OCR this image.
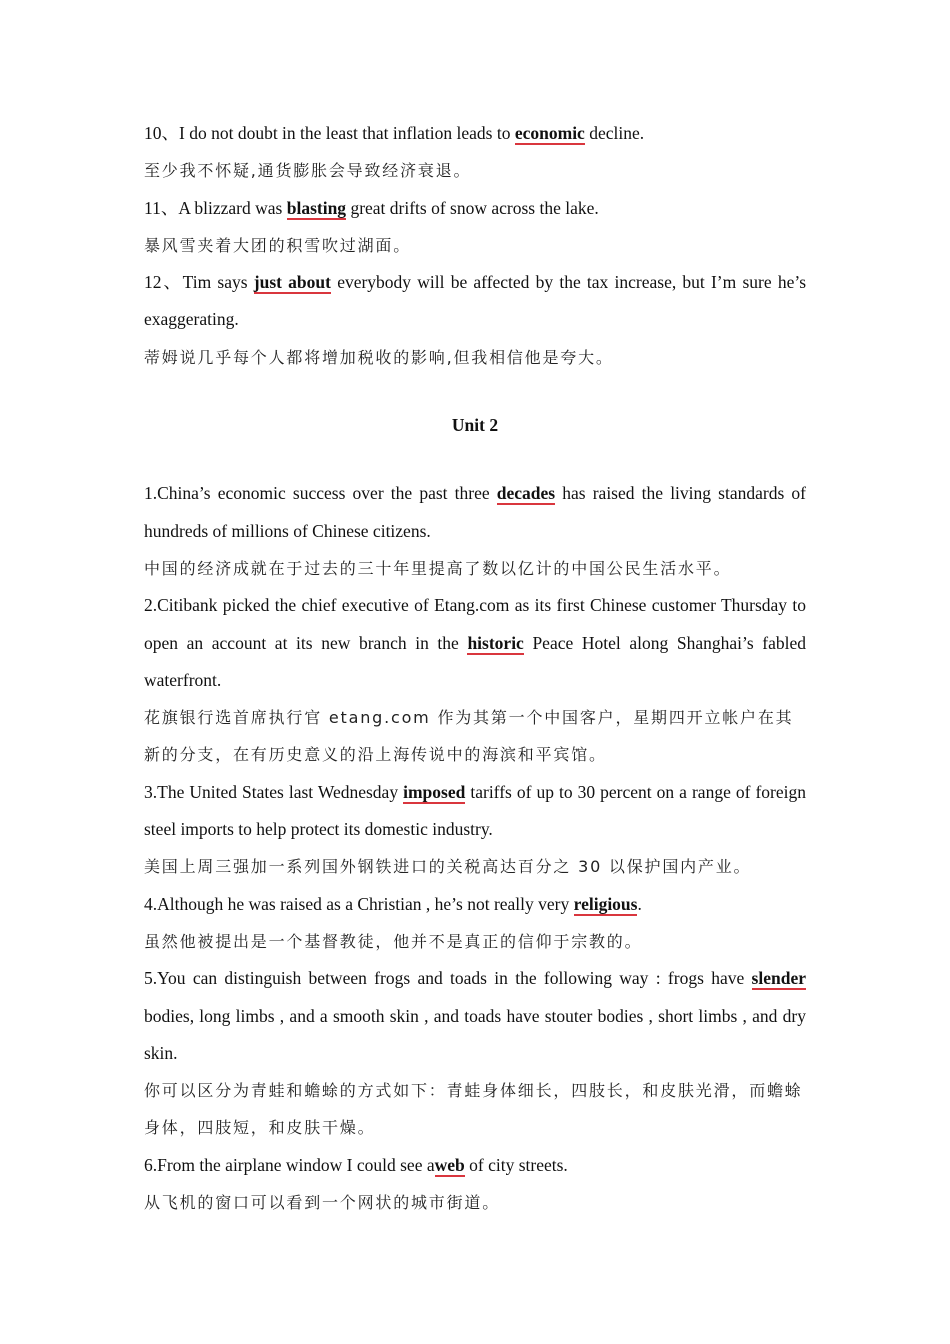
10、I do not doubt in the least that inflation leads to economic decline.

至少我不怀疑,通货膨胀会导致经济衰退。

11、A blizzard was blasting great drifts of snow across the lake.

暴风雪夹着大团的积雪吹过湖面。

12、Tim says just about everybody will be affected by the tax increase, but I’m sure he’s exaggerating.

蒂姆说几乎每个人都将增加税收的影响,但我相信他是夸大。

Unit 2

1.China’s economic success over the past three decades has raised the living standards of hundreds of millions of Chinese citizens.

中国的经济成就在于过去的三十年里提高了数以亿计的中国公民生活水平。

2.Citibank picked the chief executive of Etang.com as its first Chinese customer Thursday to open an account at its new branch in the historic Peace Hotel along Shanghai’s fabled waterfront.

花旗银行选首席执行官 etang.com 作为其第一个中国客户，星期四开立帐户在其新的分支，在有历史意义的沿上海传说中的海滨和平宾馆。

3.The United States last Wednesday imposed tariffs of up to 30 percent on a range of foreign steel imports to help protect its domestic industry.

美国上周三强加一系列国外钢铁进口的关税高达百分之 30 以保护国内产业。

4.Although he was raised as a Christian , he’s not really very religious.

虽然他被提出是一个基督教徒，他并不是真正的信仰于宗教的。

5.You can distinguish between frogs and toads in the following way : frogs have slender bodies, long limbs , and a smooth skin , and toads have stouter bodies , short limbs , and dry skin.

你可以区分为青蛙和蟾蜍的方式如下：青蛙身体细长，四肢长，和皮肤光滑，而蟾蜍身体，四肢短，和皮肤干燥。

6.From the airplane window I could see aweb of city streets.

从飞机的窗口可以看到一个网状的城市街道。
